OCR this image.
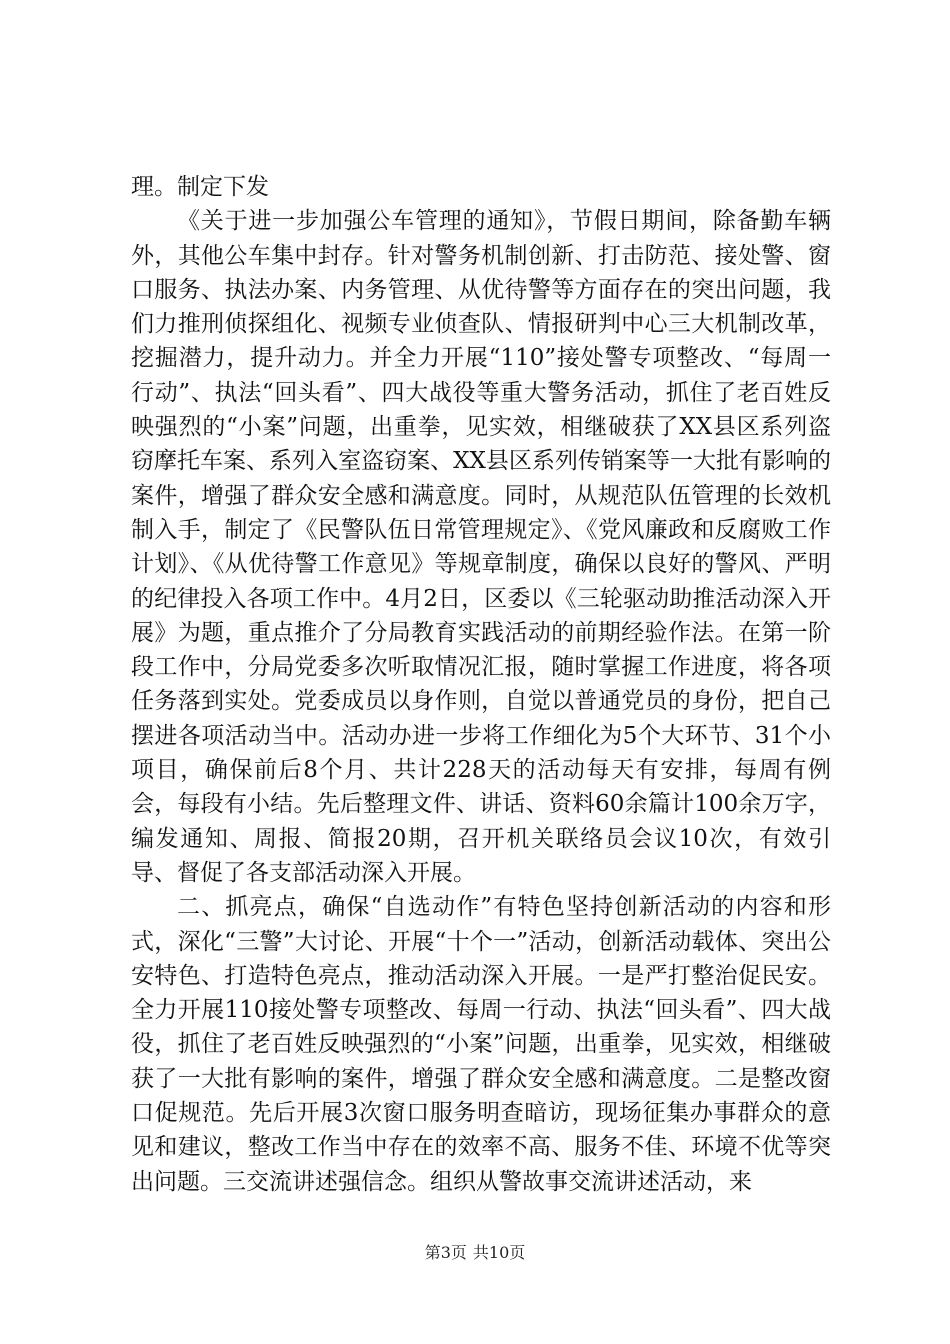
理。制定下发

《关于进一步加强公车管理的通知》，节假日期间，除备勤车辆外，其他公车集中封存。针对警务机制创新、打击防范、接处警、窗口服务、执法办案、内务管理、从优待警等方面存在的突出问题，我们力推刑侦探组化、视频专业侦查队、情报研判中心三大机制改革，挖掘潜力，提升动力。并全力开展“110”接处警专项整改、“每周一行动”、执法“回头看”、四大战役等重大警务活动，抓住了老百姓反映强烈的“小案”问题，出重拳，见实效，相继破获了XX县区系列盗窃摩托车案、系列入室盗窃案、XX县区系列传销案等一大批有影响的案件，增强了群众安全感和满意度。同时，从规范队伍管理的长效机制入手，制定了《民警队伍日常管理规定》、《党风廉政和反腐败工作计划》、《从优待警工作意见》等规章制度，确保以良好的警风、严明的纪律投入各项工作中。4月2日，区委以《三轮驱动助推活动深入开展》为题，重点推介了分局教育实践活动的前期经验作法。在第一阶段工作中，分局党委多次听取情况汇报，随时掌握工作进度，将各项任务落到实处。党委成员以身作则，自觉以普通党员的身份，把自己摆进各项活动当中。活动办进一步将工作细化为5个大环节、31个小项目，确保前后8个月、共计228天的活动每天有安排，每周有例会，每段有小结。先后整理文件、讲话、资料60余篇计100余万字，编发通知、周报、简报20期，召开机关联络员会议10次，有效引导、督促了各支部活动深入开展。

二、抓亮点，确保“自选动作”有特色坚持创新活动的内容和形式，深化“三警”大讨论、开展“十个一”活动，创新活动载体、突出公安特色、打造特色亮点，推动活动深入开展。一是严打整治促民安。全力开展110接处警专项整改、每周一行动、执法“回头看”、四大战役，抓住了老百姓反映强烈的“小案”问题，出重拳，见实效，相继破获了一大批有影响的案件，增强了群众安全感和满意度。二是整改窗口促规范。先后开展3次窗口服务明查暗访，现场征集办事群众的意见和建议，整改工作当中存在的效率不高、服务不佳、环境不优等突出问题。三交流讲述强信念。组织从警故事交流讲述活动，来

第3页 共10页
